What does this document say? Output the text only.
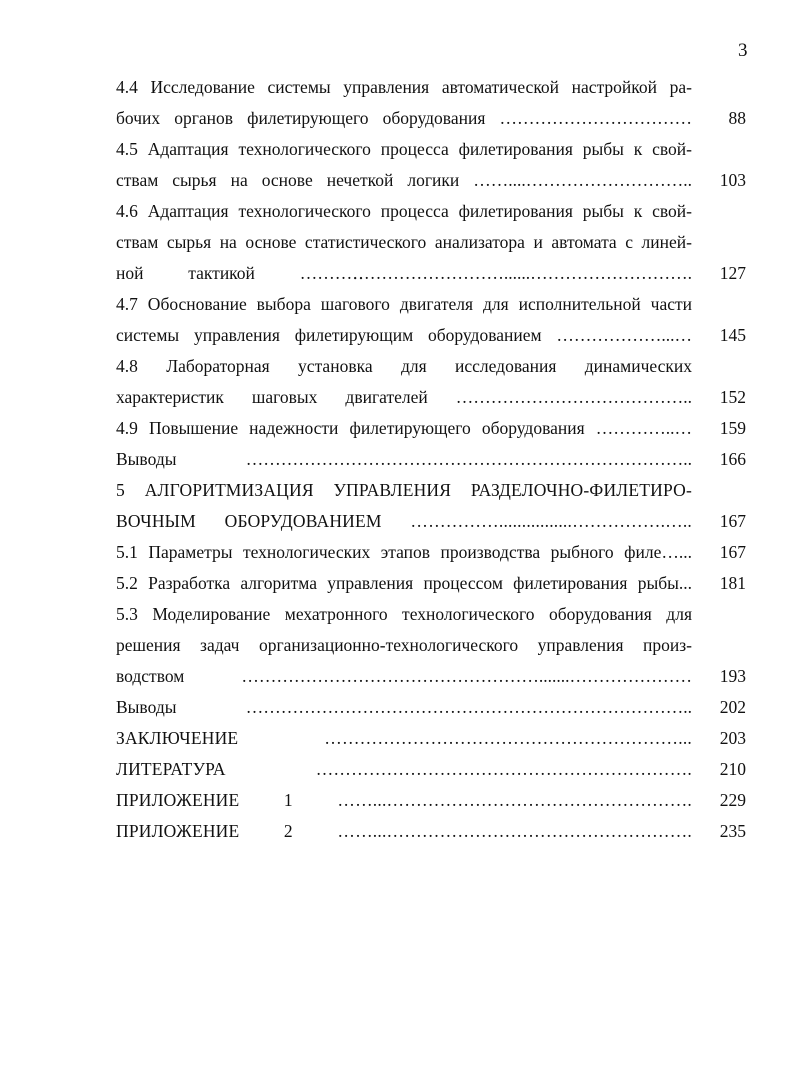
3
4.4 Исследование системы управления автоматической настройкой ра-
бочих органов филетирующего оборудования ……………………………	88
4.5 Адаптация технологического процесса филетирования рыбы к свой-
ствам сырья на основе нечеткой логики ……....………………………..	103
4.6 Адаптация технологического процесса филетирования рыбы к свой-
ствам сырья на основе статистического анализатора и автомата с линей-
ной тактикой ………‥……………………......……………………….	127
4.7 Обоснование выбора шагового двигателя для исполнительной части
системы управления филетирующим оборудованием ………………...…	145
4.8 Лабораторная установка для исследования динамических
характеристик шаговых двигателей …………………………………..	152
4.9 Повышение надежности филетирующего оборудования …………..…	159
Выводы …………………………………………………………………..	166
5 АЛГОРИТМИЗАЦИЯ УПРАВЛЕНИЯ РАЗДЕЛОЧНО-ФИЛЕТИРО-
ВОЧНЫМ ОБОРУДОВАНИЕМ ……………................…………….…..	167
5.1 Параметры технологических этапов производства рыбного филе…...	167
5.2 Разработка алгоритма управления процессом филетирования рыбы...	181
5.3 Моделирование мехатронного технологического оборудования для
решения задач организационно-технологического управления произ-
водством …………………………………………….......…………………	193
Выводы …………………………………………………………………..	202
ЗАКЛЮЧЕНИЕ ……………………………………………………...	203
ЛИТЕРАТУРА ……………………………………………………….	210
ПРИЛОЖЕНИЕ 1 ……...…………………………………………….	229
ПРИЛОЖЕНИЕ 2 ……...…………………………………………….	235
